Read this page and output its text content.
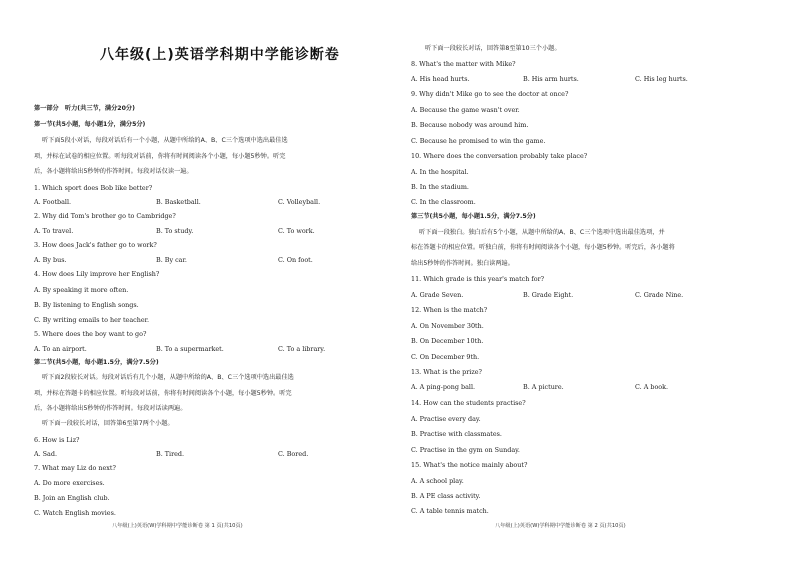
八年级(上)英语学科期中学能诊断卷
第一部分　听力(共三节，满分20分)
第一节(共5小题，每小题1分，满分5分)
听下面5段小对话，每段对话后有一个小题，从题中所给的A、B、C三个选项中选出最佳选
项，并标在试卷的相应位置。听每段对话前，你将有时间阅读各个小题，每小题5秒钟。听完
后，各小题将给出5秒钟的作答时间。每段对话仅读一遍。
1. Which sport does Bob like better?
A. Football.	B. Basketball.	C. Volleyball.
2. Why did Tom's brother go to Cambridge?
A. To travel.	B. To study.	C. To work.
3. How does Jack's father go to work?
A. By bus.	B. By car.	C. On foot.
4. How does Lily improve her English?
A. By speaking it more often.
B. By listening to English songs.
C. By writing emails to her teacher.
5. Where does the boy want to go?
A. To an airport.	B. To a supermarket.	C. To a library.
第二节(共5小题，每小题1.5分，满分7.5分)
听下面2段较长对话。每段对话后有几个小题，从题中所给的A、B、C三个选项中选出最佳选
项，并标在答题卡的相应位置。听每段对话前，你将有时间阅读各个小题，每小题5秒钟。听完
后，各小题将给出5秒钟的作答时间。每段对话读两遍。
听下面一段较长对话，回答第6至第7两个小题。
6. How is Liz?
A. Sad.	B. Tired.	C. Bored.
7. What may Liz do next?
A. Do more exercises.
B. Join an English club.
C. Watch English movies.
八年级(上)英语(W)学科期中学能诊断卷 第 1 页(共10页)
听下面一段较长对话，回答第8至第10三个小题。
8. What's the matter with Mike?
A. His head hurts.	B. His arm hurts.	C. His leg hurts.
9. Why didn't Mike go to see the doctor at once?
A. Because the game wasn't over.
B. Because nobody was around him.
C. Because he promised to win the game.
10. Where does the conversation probably take place?
A. In the hospital.
B. In the stadium.
C. In the classroom.
第三节(共5小题，每小题1.5分，满分7.5分)
听下面一段独白。独白后有5个小题，从题中所给的A、B、C三个选项中选出最佳选项，并
标在答题卡的相应位置。听独白前，你将有时间阅读各个小题，每小题5秒钟。听完后，各小题将
给出5秒钟的作答时间。独白读两遍。
11. Which grade is this year's match for?
A. Grade Seven.	B. Grade Eight.	C. Grade Nine.
12. When is the match?
A. On November 30th.
B. On December 10th.
C. On December 9th.
13. What is the prize?
A. A ping-pong ball.	B. A picture.	C. A book.
14. How can the students practise?
A. Practise every day.
B. Practise with classmates.
C. Practise in the gym on Sunday.
15. What's the notice mainly about?
A. A school play.
B. A PE class activity.
C. A table tennis match.
八年级(上)英语(W)学科期中学能诊断卷 第 2 页(共10页)
